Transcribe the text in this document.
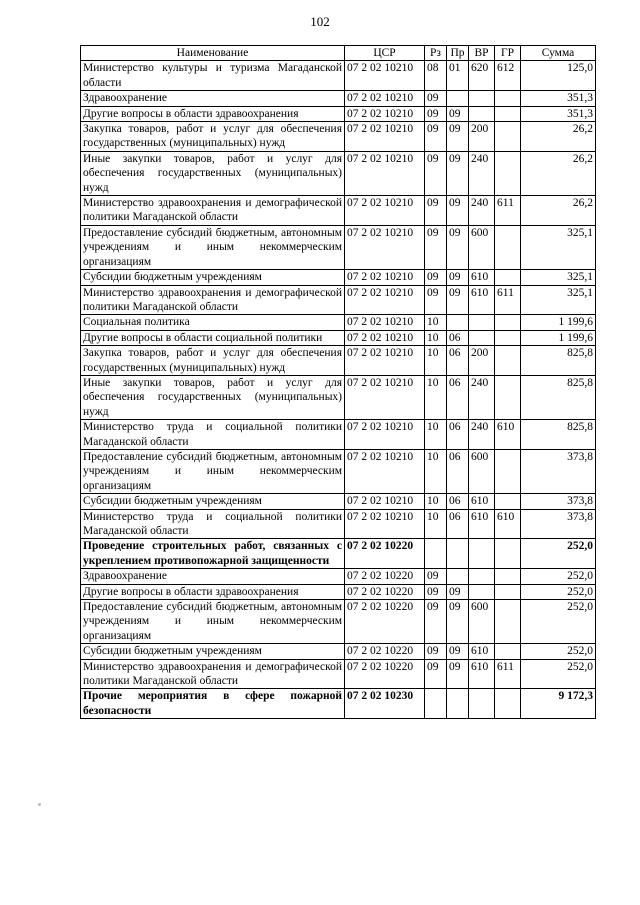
102
Наименование	ЦСР	Рз	Пр	ВР	ГР	Сумма
Министерство культуры и туризма Магаданской области	07 2 02 10210	08	01	620	612	125,0
Здравоохранение	07 2 02 10210	09				351,3
Другие вопросы в области здравоохранения	07 2 02 10210	09	09			351,3
Закупка товаров, работ и услуг для обеспечения государственных (муниципальных) нужд	07 2 02 10210	09	09	200		26,2
Иные закупки товаров, работ и услуг для обеспечения государственных (муниципальных) нужд	07 2 02 10210	09	09	240		26,2
Министерство здравоохранения и демографической политики Магаданской области	07 2 02 10210	09	09	240	611	26,2
Предоставление субсидий бюджетным, автономным учреждениям и иным некоммерческим организациям	07 2 02 10210	09	09	600		325,1
Субсидии бюджетным учреждениям	07 2 02 10210	09	09	610		325,1
Министерство здравоохранения и демографической политики Магаданской области	07 2 02 10210	09	09	610	611	325,1
Социальная политика	07 2 02 10210	10				1 199,6
Другие вопросы в области социальной политики	07 2 02 10210	10	06			1 199,6
Закупка товаров, работ и услуг для обеспечения государственных (муниципальных) нужд	07 2 02 10210	10	06	200		825,8
Иные закупки товаров, работ и услуг для обеспечения государственных (муниципальных) нужд	07 2 02 10210	10	06	240		825,8
Министерство труда и социальной политики Магаданской области	07 2 02 10210	10	06	240	610	825,8
Предоставление субсидий бюджетным, автономным учреждениям и иным некоммерческим организациям	07 2 02 10210	10	06	600		373,8
Субсидии бюджетным учреждениям	07 2 02 10210	10	06	610		373,8
Министерство труда и социальной политики Магаданской области	07 2 02 10210	10	06	610	610	373,8
Проведение строительных работ, связанных с укреплением противопожарной защищенности	07 2 02 10220					252,0
Здравоохранение	07 2 02 10220	09				252,0
Другие вопросы в области здравоохранения	07 2 02 10220	09	09			252,0
Предоставление субсидий бюджетным, автономным учреждениям и иным некоммерческим организациям	07 2 02 10220	09	09	600		252,0
Субсидии бюджетным учреждениям	07 2 02 10220	09	09	610		252,0
Министерство здравоохранения и демографической политики Магаданской области	07 2 02 10220	09	09	610	611	252,0
Прочие мероприятия в сфере пожарной безопасности	07 2 02 10230					9 172,3
